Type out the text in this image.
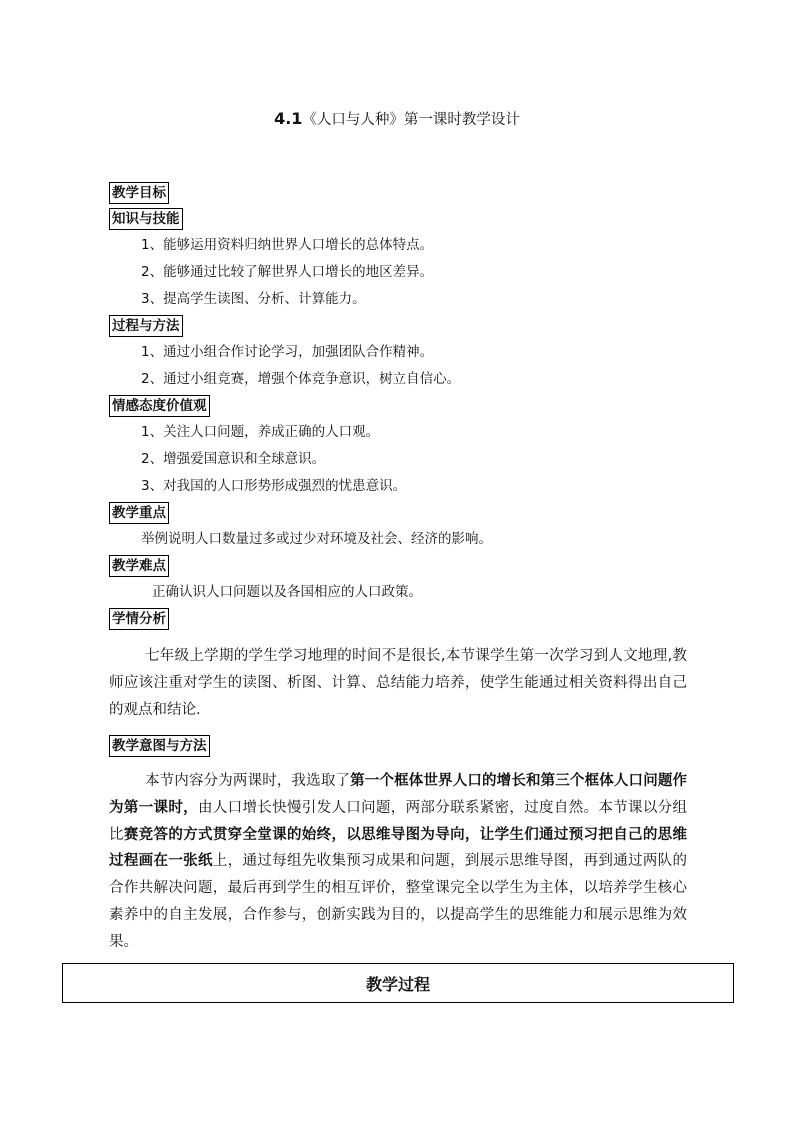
4.1《人口与人种》第一课时教学设计
教学目标
知识与技能
1、能够运用资料归纳世界人口增长的总体特点。
2、能够通过比较了解世界人口增长的地区差异。
3、提高学生读图、分析、计算能力。
过程与方法
1、通过小组合作讨论学习，加强团队合作精神。
2、通过小组竞赛，增强个体竞争意识，树立自信心。
情感态度价值观
1、关注人口问题，养成正确的人口观。
2、增强爱国意识和全球意识。
3、对我国的人口形势形成强烈的忧患意识。
教学重点
举例说明人口数量过多或过少对环境及社会、经济的影响。
教学难点
正确认识人口问题以及各国相应的人口政策。
学情分析
七年级上学期的学生学习地理的时间不是很长,本节课学生第一次学习到人文地理,教师应该注重对学生的读图、析图、计算、总结能力培养，使学生能通过相关资料得出自己的观点和结论.
教学意图与方法
本节内容分为两课时，我选取了第一个框体世界人口的增长和第三个框体人口问题作为第一课时，由人口增长快慢引发人口问题，两部分联系紧密，过度自然。本节课以分组比赛竞答的方式贯穿全堂课的始终，以思维导图为导向，让学生们通过预习把自己的思维过程画在一张纸上，通过每组先收集预习成果和问题，到展示思维导图，再到通过两队的合作共解决问题，最后再到学生的相互评价，整堂课完全以学生为主体，以培养学生核心素养中的自主发展，合作参与，创新实践为目的，以提高学生的思维能力和展示思维为效果。
教学过程
